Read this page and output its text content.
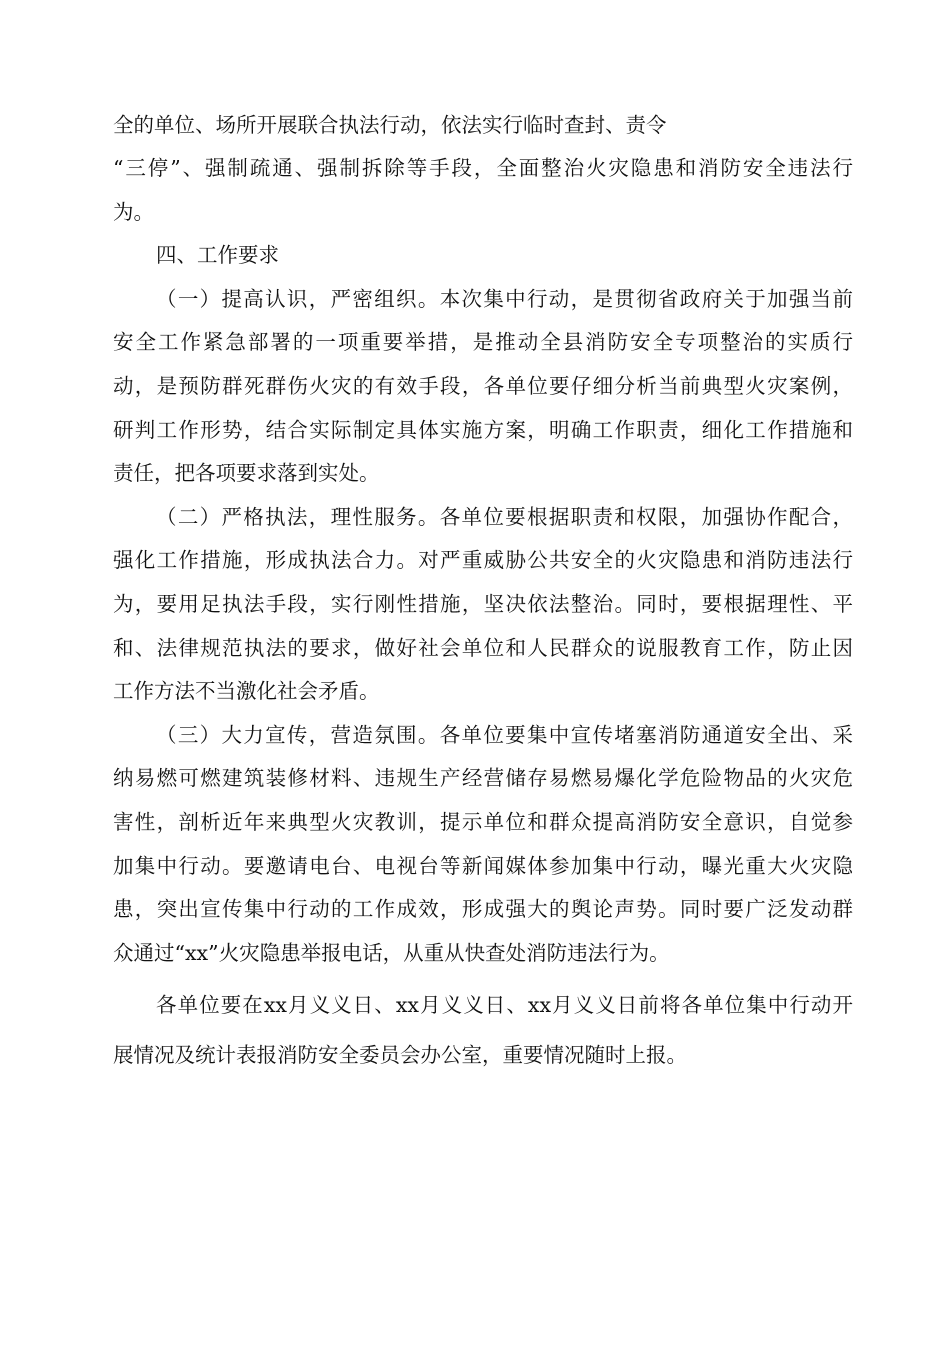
全的单位、场所开展联合执法行动，依法实行临时查封、责令
“三停”、强制疏通、强制拆除等手段，全面整治火灾隐患和消防安全违法行
为。
四、工作要求
（一）提高认识，严密组织。本次集中行动，是贯彻省政府关于加强当前
安全工作紧急部署的一项重要举措，是推动全县消防安全专项整治的实质行
动，是预防群死群伤火灾的有效手段，各单位要仔细分析当前典型火灾案例，
研判工作形势，结合实际制定具体实施方案，明确工作职责，细化工作措施和
责任，把各项要求落到实处。
（二）严格执法，理性服务。各单位要根据职责和权限，加强协作配合，
强化工作措施，形成执法合力。对严重威胁公共安全的火灾隐患和消防违法行
为，要用足执法手段，实行刚性措施，坚决依法整治。同时，要根据理性、平
和、法律规范执法的要求，做好社会单位和人民群众的说服教育工作，防止因
工作方法不当激化社会矛盾。
（三）大力宣传，营造氛围。各单位要集中宣传堵塞消防通道安全出、采
纳易燃可燃建筑装修材料、违规生产经营储存易燃易爆化学危险物品的火灾危
害性，剖析近年来典型火灾教训，提示单位和群众提高消防安全意识，自觉参
加集中行动。要邀请电台、电视台等新闻媒体参加集中行动，曝光重大火灾隐
患，突出宣传集中行动的工作成效，形成强大的舆论声势。同时要广泛发动群
众通过“xx”火灾隐患举报电话，从重从快查处消防违法行为。
各单位要在xx月义义日、xx月义义日、xx月义义日前将各单位集中行动开
展情况及统计表报消防安全委员会办公室，重要情况随时上报。
